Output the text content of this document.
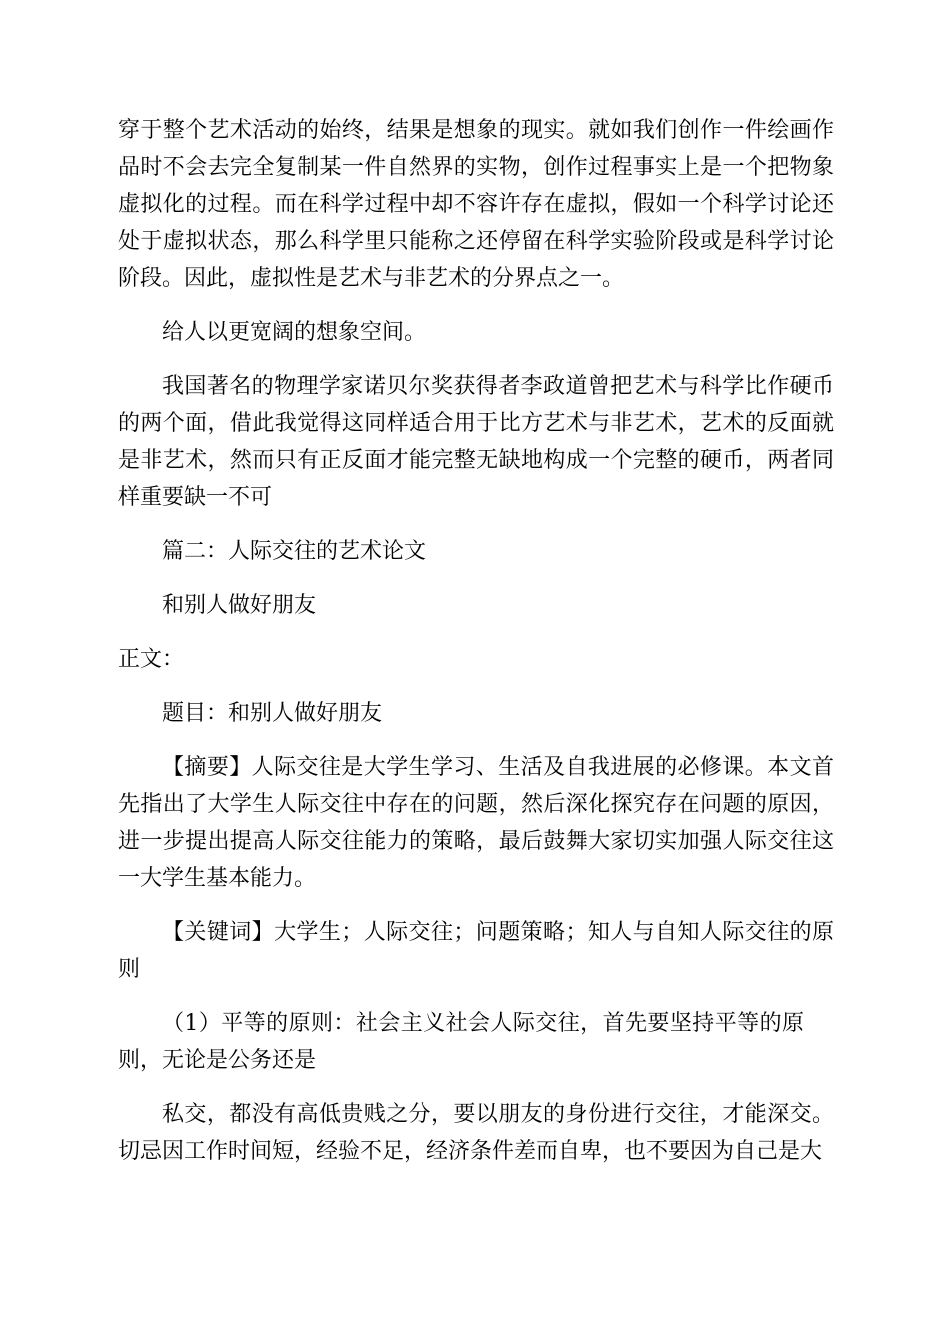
穿于整个艺术活动的始终，结果是想象的现实。就如我们创作一件绘画作品时不会去完全复制某一件自然界的实物，创作过程事实上是一个把物象虚拟化的过程。而在科学过程中却不容许存在虚拟，假如一个科学讨论还处于虚拟状态，那么科学里只能称之还停留在科学实验阶段或是科学讨论阶段。因此，虚拟性是艺术与非艺术的分界点之一。

给人以更宽阔的想象空间。

我国著名的物理学家诺贝尔奖获得者李政道曾把艺术与科学比作硬币的两个面，借此我觉得这同样适合用于比方艺术与非艺术，艺术的反面就是非艺术，然而只有正反面才能完整无缺地构成一个完整的硬币，两者同样重要缺一不可

篇二：人际交往的艺术论文

和别人做好朋友

正文：

题目：和别人做好朋友

【摘要】人际交往是大学生学习、生活及自我进展的必修课。本文首先指出了大学生人际交往中存在的问题，然后深化探究存在问题的原因，进一步提出提高人际交往能力的策略，最后鼓舞大家切实加强人际交往这一大学生基本能力。

【关键词】大学生；人际交往；问题策略；知人与自知人际交往的原则

（1）平等的原则：社会主义社会人际交往，首先要坚持平等的原则，无论是公务还是

私交，都没有高低贵贱之分，要以朋友的身份进行交往，才能深交。切忌因工作时间短，经验不足，经济条件差而自卑，也不要因为自己是大
